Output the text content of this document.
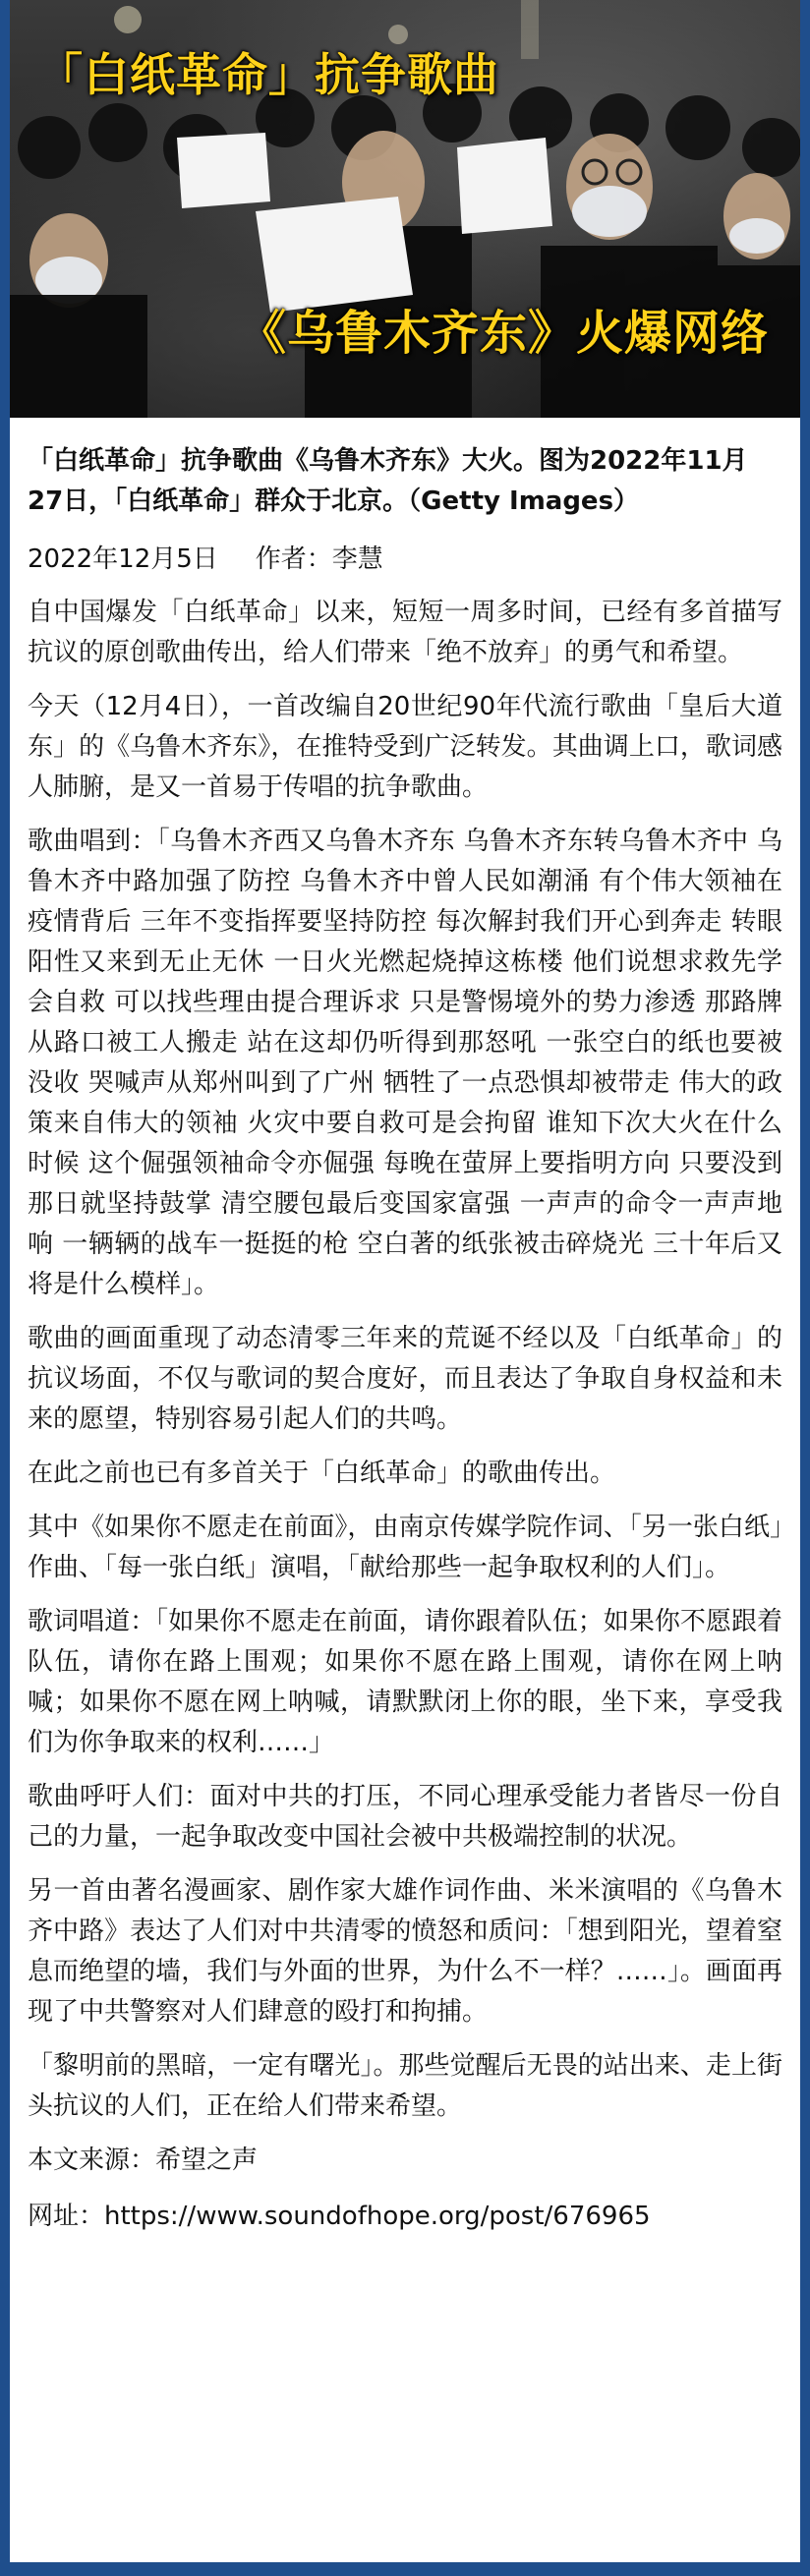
「白纸革命」抗争歌曲
《乌鲁木齐东》火爆网络
「白纸革命」抗争歌曲《乌鲁木齐东》大火。图为2022年11月27日，「白纸革命」群众于北京。（Getty Images）
2022年12月5日 作者：李慧

自中国爆发「白纸革命」以来，短短一周多时间，已经有多首描写抗议的原创歌曲传出，给人们带来「绝不放弃」的勇气和希望。

今天（12月4日），一首改编自20世纪90年代流行歌曲「皇后大道东」的《乌鲁木齐东》，在推特受到广泛转发。其曲调上口，歌词感人肺腑，是又一首易于传唱的抗争歌曲。

歌曲唱到：「乌鲁木齐西又乌鲁木齐东 乌鲁木齐东转乌鲁木齐中 乌鲁木齐中路加强了防控 乌鲁木齐中曾人民如潮涌 有个伟大领袖在疫情背后 三年不变指挥要坚持防控 每次解封我们开心到奔走 转眼阳性又来到无止无休 一日火光燃起烧掉这栋楼 他们说想求救先学会自救 可以找些理由提合理诉求 只是警惕境外的势力渗透 那路牌从路口被工人搬走 站在这却仍听得到那怒吼 一张空白的纸也要被没收 哭喊声从郑州叫到了广州 牺牲了一点恐惧却被带走 伟大的政策来自伟大的领袖 火灾中要自救可是会拘留 谁知下次大火在什么时候 这个倔强领袖命令亦倔强 每晚在萤屏上要指明方向 只要没到那日就坚持鼓掌 清空腰包最后变国家富强 一声声的命令一声声地响 一辆辆的战车一挺挺的枪 空白著的纸张被击碎烧光 三十年后又将是什么模样」。

歌曲的画面重现了动态清零三年来的荒诞不经以及「白纸革命」的抗议场面，不仅与歌词的契合度好，而且表达了争取自身权益和未来的愿望，特别容易引起人们的共鸣。

在此之前也已有多首关于「白纸革命」的歌曲传出。

其中《如果你不愿走在前面》，由南京传媒学院作词、「另一张白纸」作曲、「每一张白纸」演唱，「献给那些一起争取权利的人们」。

歌词唱道：「如果你不愿走在前面，请你跟着队伍；如果你不愿跟着队伍，请你在路上围观；如果你不愿在路上围观，请你在网上呐喊；如果你不愿在网上呐喊，请默默闭上你的眼，坐下来，享受我们为你争取来的权利……」

歌曲呼吁人们：面对中共的打压，不同心理承受能力者皆尽一份自己的力量，一起争取改变中国社会被中共极端控制的状况。

另一首由著名漫画家、剧作家大雄作词作曲、米米演唱的《乌鲁木齐中路》表达了人们对中共清零的愤怒和质问：「想到阳光，望着窒息而绝望的墙，我们与外面的世界，为什么不一样？……」。画面再现了中共警察对人们肆意的殴打和拘捕。

「黎明前的黑暗，一定有曙光」。那些觉醒后无畏的站出来、走上街头抗议的人们，正在给人们带来希望。

本文来源：希望之声

网址：https://www.soundofhope.org/post/676965
